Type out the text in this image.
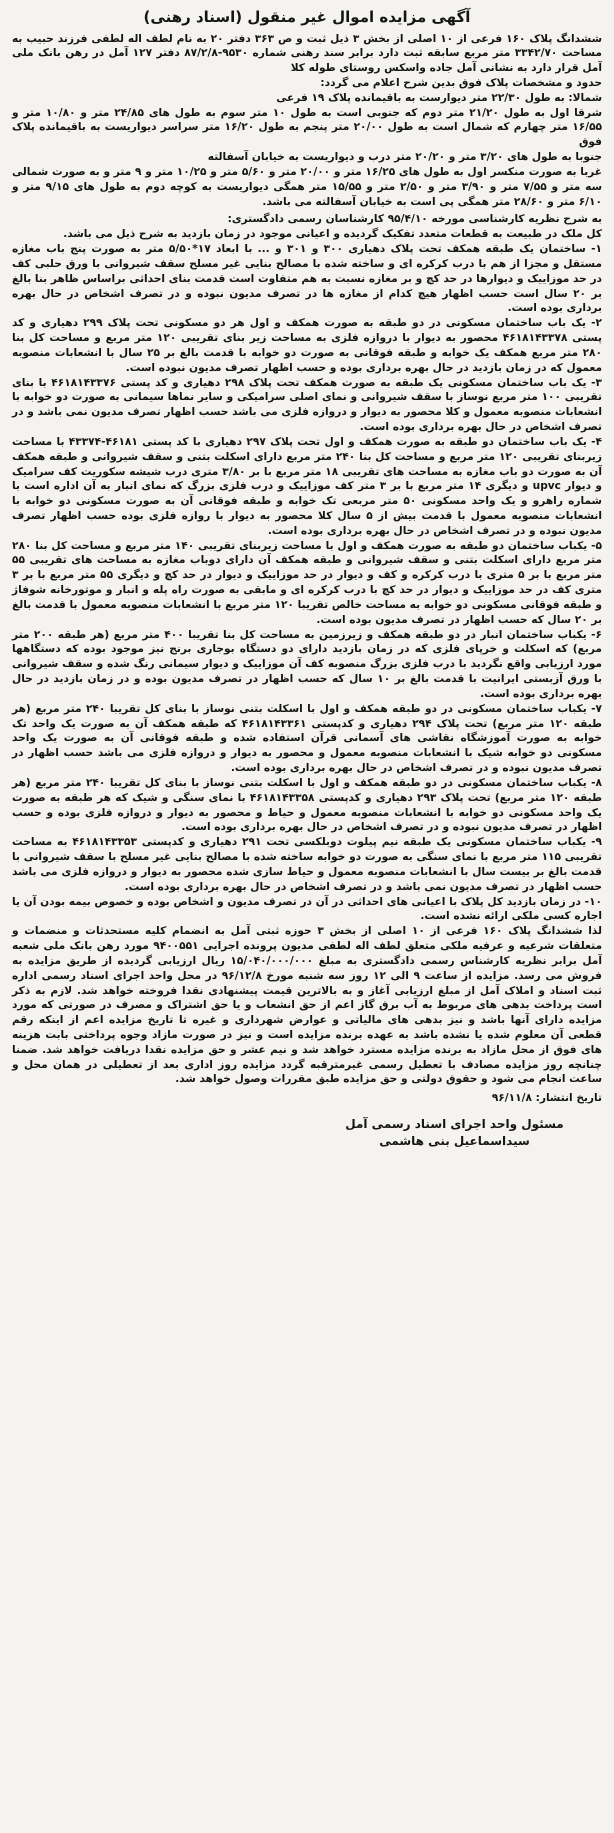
آگهی مزایده اموال غیر منقول (اسناد رهنی)

ششدانگ پلاک ۱۶۰ فرعی از ۱۰ اصلی از بخش ۳ ذیل ثبت و ص ۳۶۳ دفتر ۲۰ به نام لطف اله لطفی فرزند حبیب به مساحت ۳۳۴۲/۷۰ متر مربع سابقه ثبت دارد برابر سند رهنی شماره ۹۵۳۰-۸۷/۲/۸ دفتر ۱۲۷ آمل در رهن بانک ملی آمل قرار دارد به نشانی آمل جاده واسکس روستای طوله کلا

حدود و مشخصات پلاک فوق بدین شرح اعلام می گردد:

شمالا: به طول ۲۲/۳۰ متر دیوارست به باقیمانده پلاک ۱۹ فرعی

شرقا اول به طول ۲۱/۲۰ متر دوم که جنوبی است به طول ۱۰ متر سوم به طول های ۲۴/۸۵ متر و ۱۰/۸۰ متر و ۱۶/۵۵ متر چهارم که شمال است به طول ۲۰/۰۰ متر پنجم به طول ۱۶/۲۰ متر سراسر دیواریست به باقیمانده پلاک فوق

جنوبا به طول های ۳/۲۰ متر و ۲۰/۲۰ متر درب و دیواریست به خیابان آسفالته

غربا به صورت منکسر اول به طول های ۱۶/۲۵ متر و ۲۰/۰۰ متر و ۵/۶۰ متر و ۱۰/۲۵ متر و ۹ متر و به صورت شمالی سه متر و ۷/۵۵ متر و ۳/۹۰ متر و ۲/۵۰ متر و ۱۵/۵۵ متر همگی دیواریست به کوچه دوم به طول های ۹/۱۵ متر و ۶/۱۰ متر و ۲۸/۶۰ متر همگی پی است به خیابان آسفالته می باشد.

به شرح نظریه کارشناسی مورخه ۹۵/۴/۱۰ کارشناسان رسمی دادگستری:

کل ملک در طبیعت به قطعات متعدد تفکیک گردیده و اعیانی موجود در زمان بازدید به شرح ذیل می باشد.

۱- ساختمان یک طبقه همکف تحت پلاک دهیاری ۳۰۰ و ۳۰۱ و ... با ابعاد ۱۷*۵/۵۰ متر به صورت پنج باب مغازه مستقل و مجزا از هم با درب کرکره ای و ساخته شده با مصالح بنایی غیر مسلح سقف شیروانی با ورق حلبی کف در حد موزاییک و دیوارها در حد کچ و بر مغازه نسبت به هم متفاوت است قدمت بنای احداثی براساس ظاهر بنا بالغ بر ۲۰ سال است حسب اظهار هیچ کدام از مغازه ها در تصرف مدیون نبوده و در تصرف اشخاص در حال بهره برداری بوده است.
۲- یک باب ساختمان مسکونی در دو طبقه به صورت همکف و اول هر دو مسکونی تحت پلاک ۲۹۹ دهیاری و کد پستی ۴۶۱۸۱۴۳۳۷۸ محصور به دیوار با دروازه فلزی به مساحت زیر بنای تقریبی ۱۲۰ متر مربع و مساحت کل بنا ۲۸۰ متر مربع همکف یک خوابه و طبقه فوقانی به صورت دو خوابه با قدمت بالغ بر ۲۵ سال با انشعابات منصوبه معمول که در زمان بازدید در حال بهره برداری بوده و حسب اظهار تصرف مدیون نبوده است.
۳- یک باب ساختمان مسکونی یک طبقه به صورت همکف تحت پلاک ۲۹۸ دهیاری و کد پستی ۴۶۱۸۱۴۳۳۷۶ با بنای تقریبی ۱۰۰ متر مربع نوساز با سقف شیروانی و نمای اصلی سرامیکی و سایر نماها سیمانی به صورت دو خوابه با انشعابات منصوبه معمول و کلا محصور به دیوار و دروازه فلزی می باشد حسب اظهار تصرف مدیون نمی باشد و در تصرف اشخاص در حال بهره برداری بوده است.
۴- یک باب ساختمان دو طبقه به صورت همکف و اول تحت پلاک ۲۹۷ دهیاری با کد پستی ۴۶۱۸۱-۴۳۳۷۴ با مساحت زیربنای تقریبی ۱۲۰ متر مربع و مساحت کل بنا ۲۴۰ متر مربع دارای اسکلت بتنی و سقف شیروانی و طبقه همکف آن به صورت دو باب مغازه به مساحت های تقریبی ۱۸ متر مربع با بر ۳/۸۰ متری درب شیشه سکوریت کف سرامیک و دیوار upvc و دیگری ۱۴ متر مربع با بر ۳ متر کف موزاییک و درب فلزی بزرگ که نمای انبار به آن اداره است با شماره راهرو و یک واحد مسکونی ۵۰ متر مربعی تک خوابه و طبقه فوقانی آن به صورت مسکونی دو خوابه با انشعابات منصوبه معمول با قدمت بیش از ۵ سال کلا محصور به دیوار با روازه فلزی بوده حسب اظهار تصرف مدیون نبوده و در تصرف اشخاص در حال بهره برداری بوده است.
۵- یکباب ساختمان دو طبقه به صورت همکف و اول با مساحت زیربنای تقریبی ۱۴۰ متر مربع و مساحت کل بنا ۲۸۰ متر مربع دارای اسکلت بتنی و سقف شیروانی و طبقه همکف آن دارای دوباب مغازه به مساحت های تقریبی ۵۵ متر مربع با بر ۵ متری با درب کرکره و کف و دیوار در حد موزاییک و دیوار در حد کچ و دیگری ۵۵ متر مربع با بر ۳ متری کف در حد موزاییک و دیوار در حد کچ با درب کرکره ای و مابقی به صورت راه پله و انبار و موتورخانه شوفاژ و طبقه فوقانی مسکونی دو خوابه به مساحت خالص تقریبا ۱۲۰ متر مربع با انشعابات منصوبه معمول با قدمت بالغ بر ۲۰ سال که حسب اظهار در تصرف مدیون بوده است.
۶- یکباب ساختمان انبار در دو طبقه همکف و زیرزمین به مساحت کل بنا تقریبا ۴۰۰ متر مربع (هر طبقه ۲۰۰ متر مربع) که اسکلت و خرپای فلزی که در زمان بازدید دارای دو دستگاه بوجاری برنج نیز موجود بوده که دستگاهها مورد ارزیابی واقع نگردید با درب فلزی بزرگ منصوبه کف آن موزاییک و دیوار سیمانی رنگ شده و سقف شیروانی با ورق آزبستی ایرانیت با قدمت بالغ بر ۱۰ سال که حسب اظهار در تصرف مدیون بوده و در زمان بازدید در حال بهره برداری بوده است.
۷- یکباب ساختمان مسکونی در دو طبقه همکف و اول با اسکلت بتنی نوساز با بنای کل تقریبا ۲۴۰ متر مربع (هر طبقه ۱۲۰ متر مربع) تحت پلاک ۲۹۴ دهیاری و کدپستی ۴۶۱۸۱۴۳۳۶۱ که طبقه همکف آن به صورت یک واحد تک خوابه به صورت آموزشگاه نقاشی های آسمانی قرآن استفاده شده و طبقه فوقانی آن به صورت یک واحد مسکونی دو خوابه شیک با انشعابات منصوبه معمول و محصور به دیوار و دروازه فلزی می باشد حسب اظهار در تصرف مدیون نبوده و در تصرف اشخاص در حال بهره برداری بوده است.
۸- یکباب ساختمان مسکونی در دو طبقه همکف و اول با اسکلت بتنی نوساز با بنای کل تقریبا ۲۴۰ متر مربع (هر طبقه ۱۲۰ متر مربع) تحت پلاک ۲۹۳ دهیاری و کدپستی ۴۶۱۸۱۴۳۳۵۸ با نمای سنگی و شیک که هر طبقه به صورت یک واحد مسکونی دو خوابه با انشعابات منصوبه معمول و حیاط و محصور به دیوار و دروازه فلزی بوده و حسب اظهار در تصرف مدیون نبوده و در تصرف اشخاص در حال بهره برداری بوده است.
۹- یکباب ساختمان مسکونی یک طبقه نیم پیلوت دوبلکسی تحت ۲۹۱ دهیاری و کدپستی ۴۶۱۸۱۴۳۳۵۳ به مساحت تقریبی ۱۱۵ متر مربع با نمای سنگی به صورت دو خوابه ساخته شده با مصالح بنایی غیر مسلح با سقف شیروانی با قدمت بالغ بر بیست سال با انشعابات منصوبه معمول و حیاط سازی شده محصور به دیوار و دروازه فلزی می باشد حسب اظهار در تصرف مدیون نمی باشد و در تصرف اشخاص در حال بهره برداری بوده است.
۱۰- در زمان بازدید کل پلاک با اعیانی های احداثی در آن در تصرف مدیون و اشخاص بوده و خصوص بیمه بودن آن یا اجاره کسی ملکی ارائه نشده است.

لذا ششدانگ پلاک ۱۶۰ فرعی از ۱۰ اصلی از بخش ۳ حوزه ثبتی آمل به انضمام کلیه مستحدثات و منضمات و متعلقات شرعیه و عرفیه ملکی متعلق لطف اله لطفی مدیون پرونده اجرایی ۹۴۰۰۵۵۱ مورد رهن بانک ملی شعبه آمل برابر نظریه کارشناس رسمی دادگستری به مبلغ ۱۵/۰۴۰/۰۰۰/۰۰۰ ریال ارزیابی گردیده از طریق مزایده به فروش می رسد. مزایده از ساعت ۹ الی ۱۲ روز سه شنبه مورخ ۹۶/۱۲/۸ در محل واحد اجرای اسناد رسمی اداره ثبت اسناد و املاک آمل از مبلغ ارزیابی آغاز و به بالاترین قیمت پیشنهادی نقدا فروخته خواهد شد. لازم به ذکر است پرداخت بدهی های مربوط به آب برق گاز اعم از حق انشعاب و یا حق اشتراک و مصرف در صورتی که مورد مزایده دارای آنها باشد و نیز بدهی های مالیاتی و عوارض شهرداری و غیره تا تاریخ مزایده اعم از اینکه رقم قطعی آن معلوم شده یا نشده باشد به عهده برنده مزایده است و نیز در صورت مازاد وجوه پرداختی بابت هزینه های فوق از محل مازاد به برنده مزایده مسترد خواهد شد و نیم عشر و حق مزایده نقدا دریافت خواهد شد. ضمنا چنانچه روز مزایده مصادف با تعطیل رسمی غیرمترقبه گردد مزایده روز اداری بعد از تعطیلی در همان محل و ساعت انجام می شود و حقوق دولتی و حق مزایده طبق مقررات وصول خواهد شد.

تاریخ انتشار: ۹۶/۱۱/۸
مسئول واحد اجرای اسناد رسمی آمل
سیداسماعیل بنی هاشمی
